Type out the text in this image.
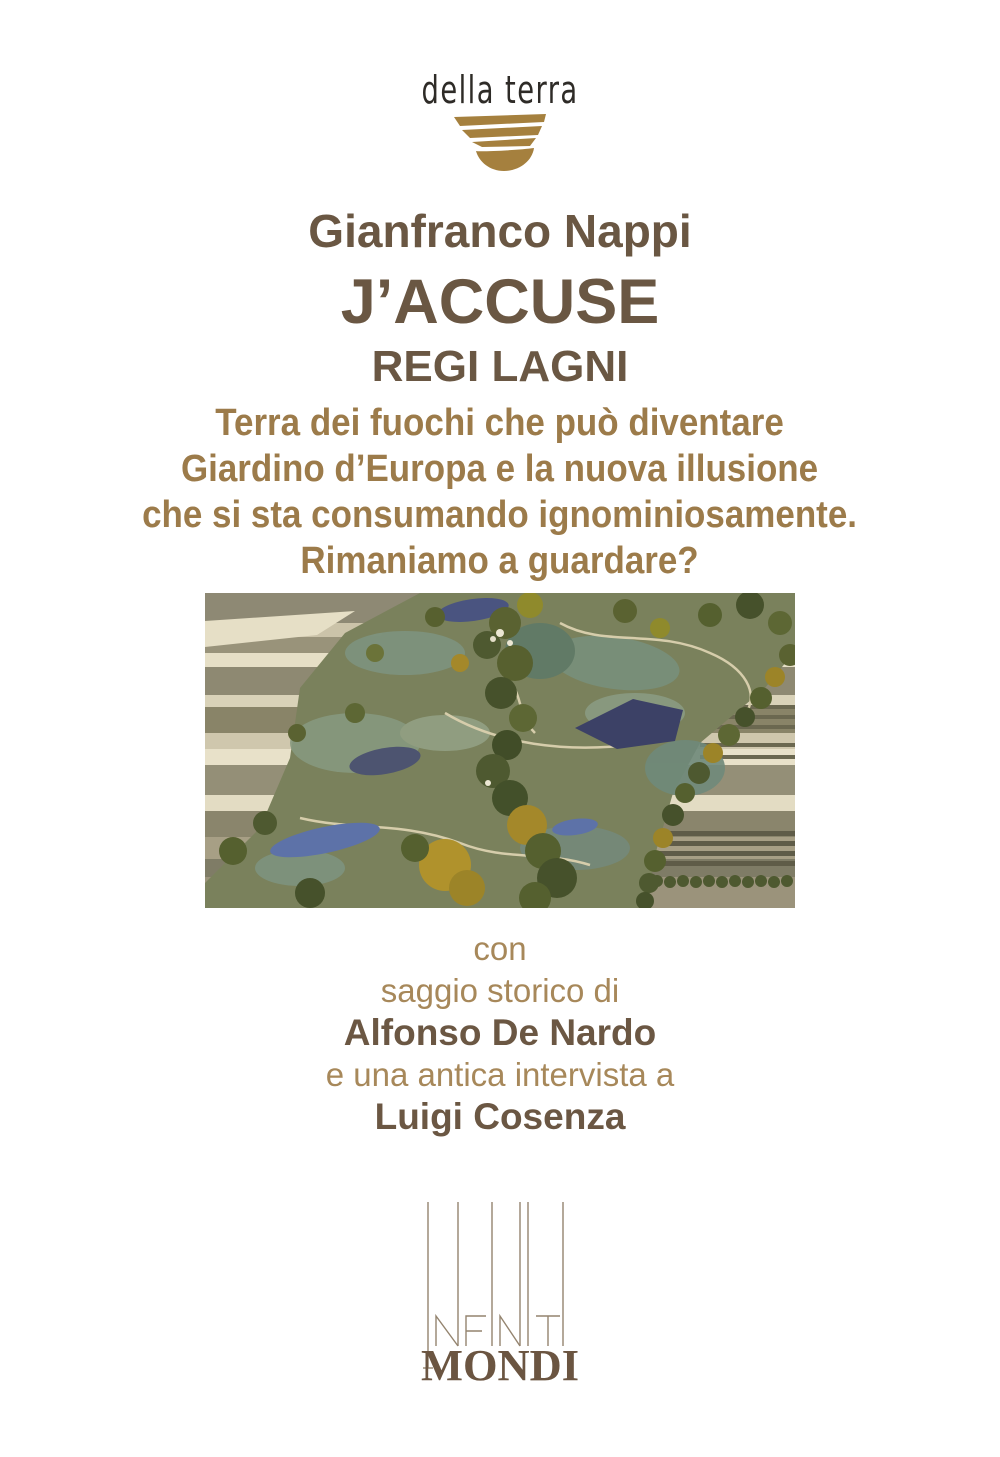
della terra
Gianfranco Nappi
J’ACCUSE
REGI LAGNI
Terra dei fuochi che può diventare
Giardino d’Europa e la nuova illusione
che si sta consumando ignominiosamente.
Rimaniamo a guardare?
con
saggio storico di
Alfonso De Nardo
e una antica intervista a
Luigi Cosenza
MONDI
